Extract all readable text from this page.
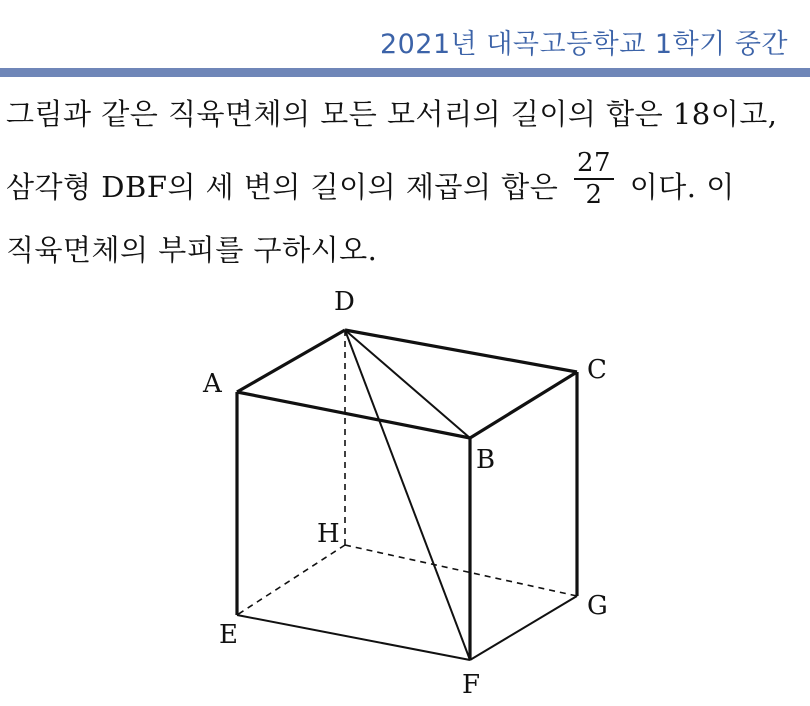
2021년 대곡고등학교 1학기 중간
그림과 같은 직육면체의 모든 모서리의 길이의 합은 18이고,
삼각형 DBF의 세 변의 길이의 제곱의 합은 $\frac{27}{2}$ 이다. 이
직육면체의 부피를 구하시오.
D
A	C
B
H
G
E
F
